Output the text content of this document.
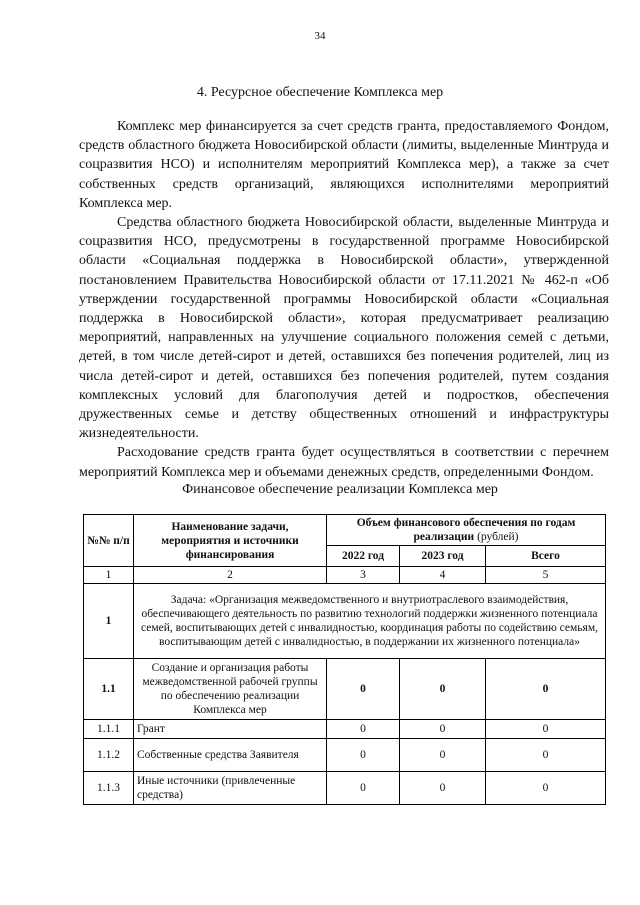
34
4. Ресурсное обеспечение Комплекса мер

Комплекс мер финансируется за счет средств гранта, предоставляемого Фондом, средств областного бюджета Новосибирской области (лимиты, выделенные Минтруда и соцразвития НСО) и исполнителям мероприятий Комплекса мер), а также за счет собственных средств организаций, являющихся исполнителями мероприятий Комплекса мер.

Средства областного бюджета Новосибирской области, выделенные Минтруда и соцразвития НСО, предусмотрены в государственной программе Новосибирской области «Социальная поддержка в Новосибирской области», утвержденной постановлением Правительства Новосибирской области от 17.11.2021 № 462-п «Об утверждении государственной программы Новосибирской области «Социальная поддержка в Новосибирской области», которая предусматривает реализацию мероприятий, направленных на улучшение социального положения семей с детьми, детей, в том числе детей-сирот и детей, оставшихся без попечения родителей, лиц из числа детей-сирот и детей, оставшихся без попечения родителей, путем создания комплексных условий для благополучия детей и подростков, обеспечения дружественных семье и детству общественных отношений и инфраструктуры жизнедеятельности.

Расходование средств гранта будет осуществляться в соответствии с перечнем мероприятий Комплекса мер и объемами денежных средств, определенными Фондом.

Финансовое обеспечение реализации Комплекса мер
№№ п/п	Наименование задачи, мероприятия и источники финансирования	Объем финансового обеспечения по годам реализации (рублей)		
		2022 год	2023 год	Всего
1	2	3	4	5
1	Задача: «Организация межведомственного и внутриотраслевого взаимодействия, обеспечивающего деятельность по развитию технологий поддержки жизненного потенциала семей, воспитывающих детей с инвалидностью, координация работы по содействию семьям, воспитывающим детей с инвалидностью, в поддержании их жизненного потенциала»			
1.1	Создание и организация работы межведомственной рабочей группы по обеспечению реализации Комплекса мер	0	0	0
1.1.1	Грант	0	0	0
1.1.2	Собственные средства Заявителя	0	0	0
1.1.3	Иные источники (привлеченные средства)	0	0	0
